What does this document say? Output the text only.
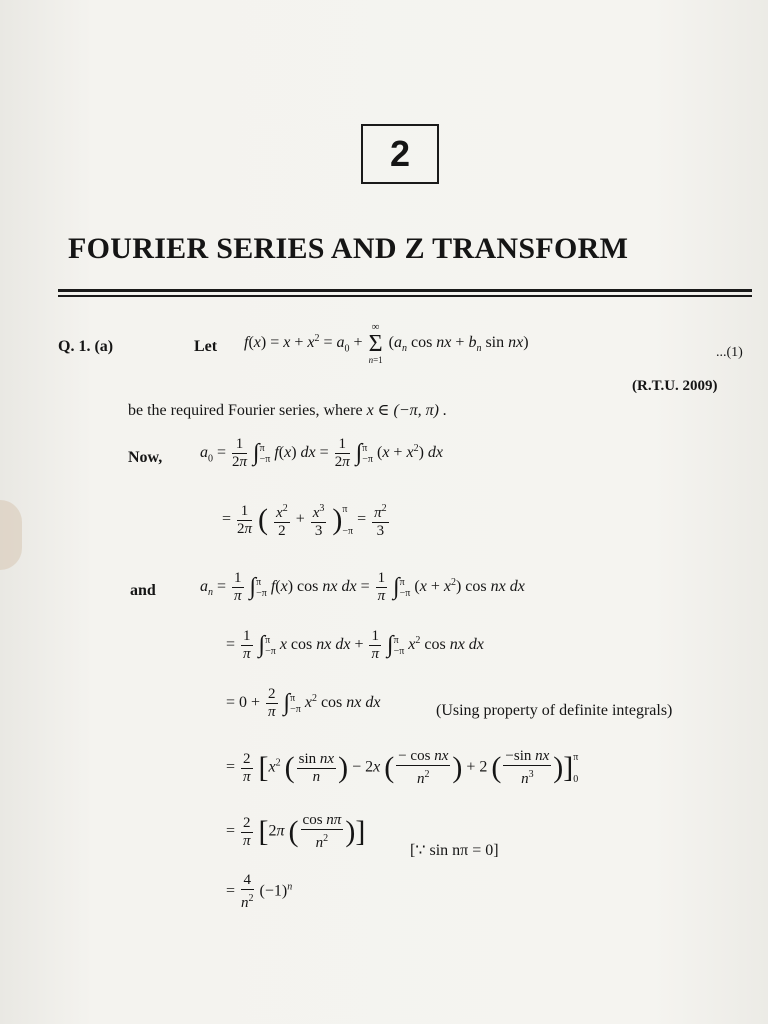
2
FOURIER SERIES AND Z TRANSFORM
Q. 1. (a)	Let $f(x) = x + x^2 = a_0$ +
∞
Σ
n=1
($a_n$ cos nx + $b_n$ sin nx)
...(1)
(R.T.U. 2009)
be the required Fourier series, where x ∈ (−π, π) .
Now, $a_0 = \frac{1}{2\pi} \int\pi$
−π f(x) dx = $\frac{1}{2\pi} \int\pi$
−π $(x + x^2)$ dx
= $\frac{1}{2\pi}$ ( $\frac{x^2}{2} + \frac{x^3}{3} )\pi$

$-\pi = \frac{\pi^2}{3}$
and	$a_n = \frac{1}{\pi} \int\pi$
−π f(x) cos nx dx = $\frac{1}{\pi} \int\pi$
−π $(x + x^2)$ cos nx dx
= $\frac{1}{\pi} \int\pi$
−π x cos nx dx + $\frac{1}{\pi} \int\pi$
−π $x^2$ cos nx dx
= $0 + \frac{2}{\pi} \int\pi$
−π $x^2$ cos nx dx	(Using property of definite integrals)
= $\frac{2}{\pi} [x^2$ ( $\frac{\text{sin nx}}{n}$ ) − 2x ( $\frac{\text{− cos nx}}{n^2}$ ) + 2 ( $\frac{\text{−sin nx}}{n^3} )]\pi$

0
= $\frac{2}{\pi} [2\pi$ ( $\frac{\text{cos nπ}}{n^2}$ )]
[∵ sin nπ = 0]
= $\frac{4}{n^2} (-1)^n$
